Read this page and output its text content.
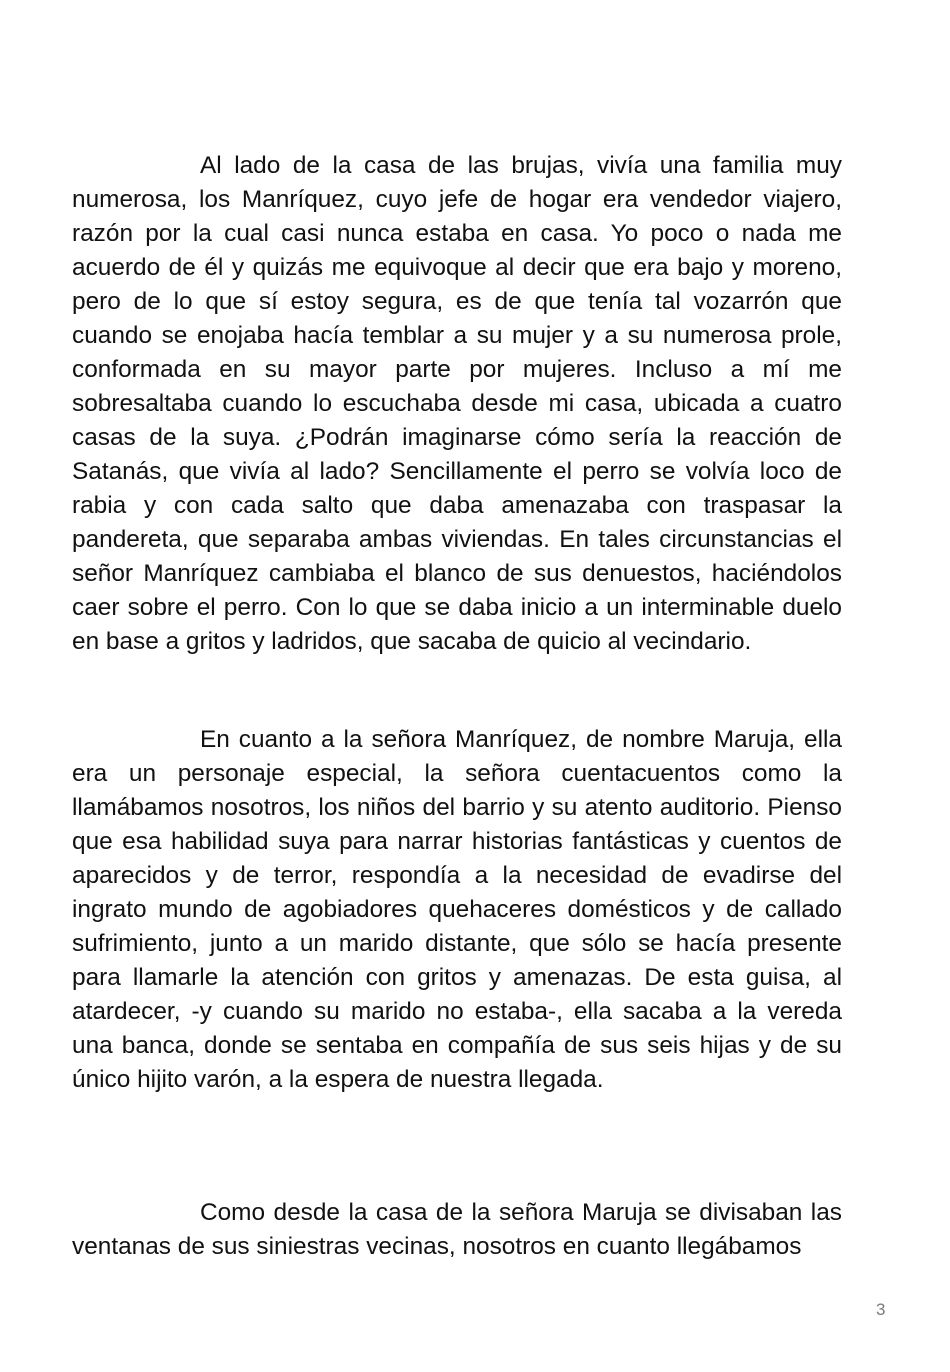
Al lado de la casa de las brujas, vivía una familia muy numerosa, los Manríquez, cuyo jefe de hogar era vendedor viajero, razón por la cual casi nunca estaba en casa. Yo poco o nada me acuerdo de él y quizás me equivoque al decir que era bajo y moreno, pero de lo que sí estoy segura, es de que tenía tal vozarrón que cuando se enojaba hacía temblar a su mujer y a su numerosa prole, conformada en su mayor parte por mujeres. Incluso a mí me sobresaltaba cuando lo escuchaba desde mi casa, ubicada a cuatro casas de la suya. ¿Podrán imaginarse cómo sería la reacción de Satanás, que vivía al lado? Sencillamente el perro se volvía loco de rabia y con cada salto que daba amenazaba con traspasar la pandereta, que separaba ambas viviendas. En tales circunstancias el señor Manríquez cambiaba el blanco de sus denuestos, haciéndolos caer sobre el perro. Con lo que se daba inicio a un interminable duelo en base a gritos y ladridos, que sacaba de quicio al vecindario.

En cuanto a la señora Manríquez, de nombre Maruja, ella era un personaje especial, la señora cuentacuentos como la llamábamos nosotros, los niños del barrio y su atento auditorio. Pienso que esa habilidad suya para narrar historias fantásticas y cuentos de aparecidos y de terror, respondía a la necesidad de evadirse del ingrato mundo de agobiadores quehaceres domésticos y de callado sufrimiento, junto a un marido distante, que sólo se hacía presente para llamarle la atención con gritos y amenazas. De esta guisa, al atardecer, -y cuando su marido no estaba-, ella sacaba a la vereda una banca, donde se sentaba en compañía de sus seis hijas y de su único hijito varón, a la espera de nuestra llegada.

Como desde la casa de la señora Maruja se divisaban las ventanas de sus siniestras vecinas, nosotros en cuanto llegábamos

3
